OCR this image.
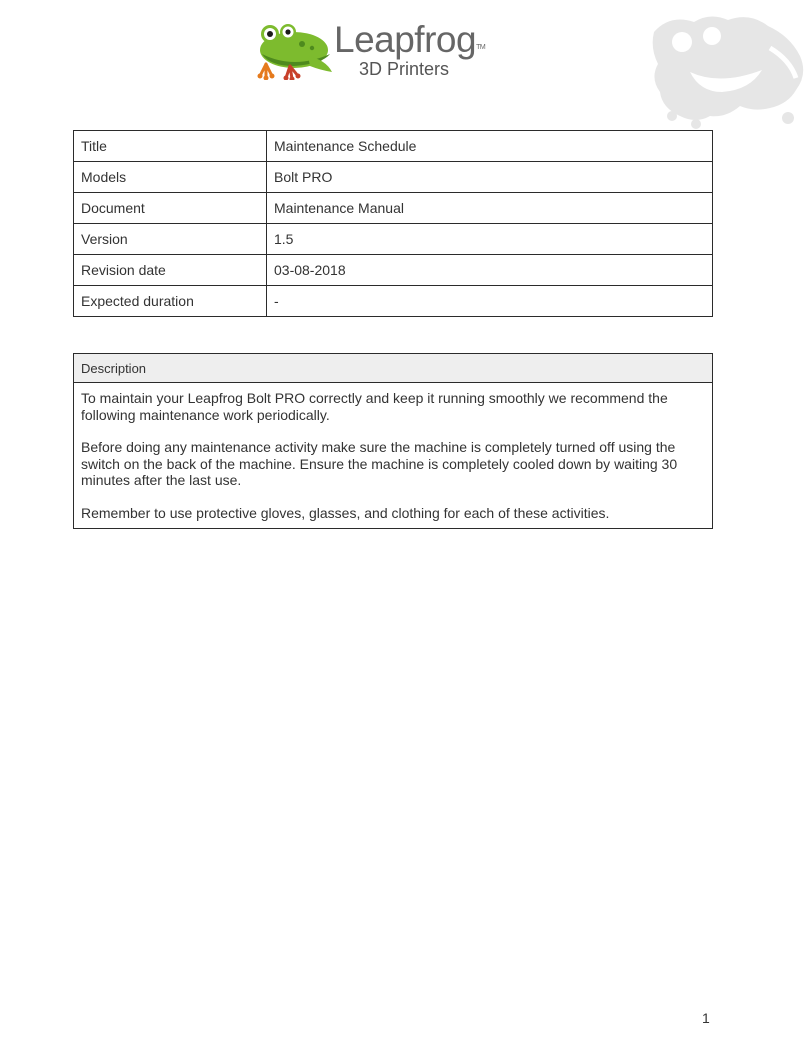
Leapfrog™
3D Printers
Title	Maintenance Schedule
Models	Bolt PRO
Document	Maintenance Manual
Version	1.5
Revision date	03-08-2018
Expected duration	-
Description

To maintain your Leapfrog Bolt PRO correctly and keep it running smoothly we recommend the following maintenance work periodically.

Before doing any maintenance activity make sure the machine is completely turned off using the switch on the back of the machine. Ensure the machine is completely cooled down by waiting 30 minutes after the last use.

Remember to use protective gloves, glasses, and clothing for each of these activities.

1
